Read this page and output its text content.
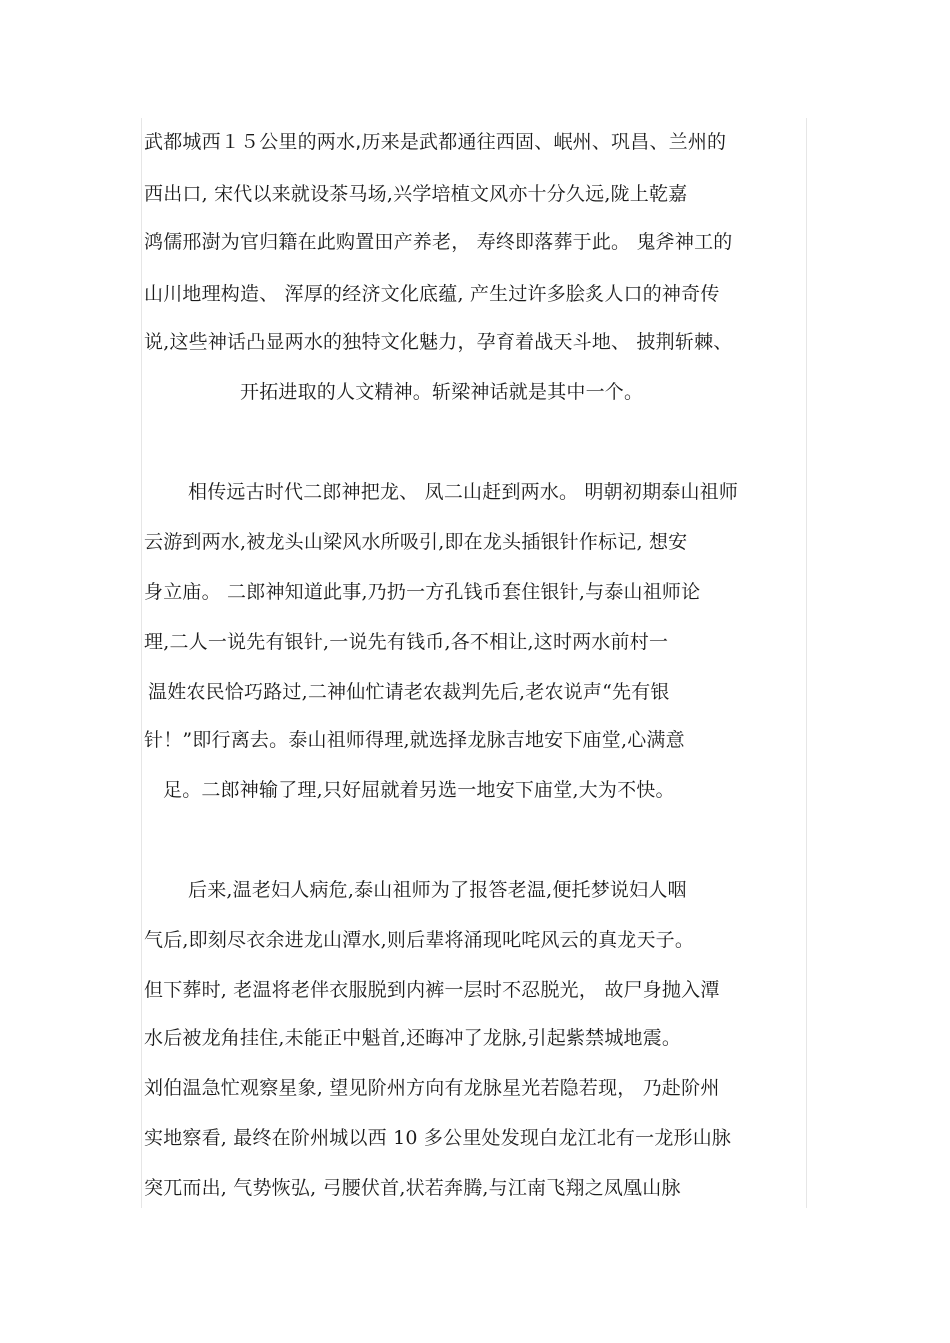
武都城西１５公里的两水,历来是武都通往西固、岷州、巩昌、兰州的
西出口, 宋代以来就设茶马场,兴学培植文风亦十分久远,陇上乾嘉
鸿儒邢澍为官归籍在此购置田产养老， 寿终即落葬于此。 鬼斧神工的
山川地理构造、 浑厚的经济文化底蕴, 产生过许多脍炙人口的神奇传
说,这些神话凸显两水的独特文化魅力，孕育着战天斗地、 披荆斩棘、
开拓进取的人文精神。斩梁神话就是其中一个。
相传远古时代二郎神把龙、 凤二山赶到两水。 明朝初期泰山祖师
云游到两水,被龙头山梁风水所吸引,即在龙头插银针作标记, 想安
身立庙。 二郎神知道此事,乃扔一方孔钱币套住银针,与泰山祖师论
理,二人一说先有银针,一说先有钱币,各不相让,这时两水前村一
温姓农民恰巧路过,二神仙忙请老农裁判先后,老农说声“先有银
针！”即行离去。泰山祖师得理,就选择龙脉吉地安下庙堂,心满意
足。二郎神输了理,只好屈就着另选一地安下庙堂,大为不快。
后来,温老妇人病危,泰山祖师为了报答老温,便托梦说妇人咽
气后,即刻尽衣余进龙山潭水,则后辈将涌现叱咤风云的真龙天子。
但下葬时, 老温将老伴衣服脱到内裤一层时不忍脱光， 故尸身抛入潭
水后被龙角挂住,未能正中魁首,还晦冲了龙脉,引起紫禁城地震。
刘伯温急忙观察星象, 望见阶州方向有龙脉星光若隐若现， 乃赴阶州
实地察看, 最终在阶州城以西 10 多公里处发现白龙江北有一龙形山脉
突兀而出, 气势恢弘, 弓腰伏首,状若奔腾,与江南飞翔之凤凰山脉
